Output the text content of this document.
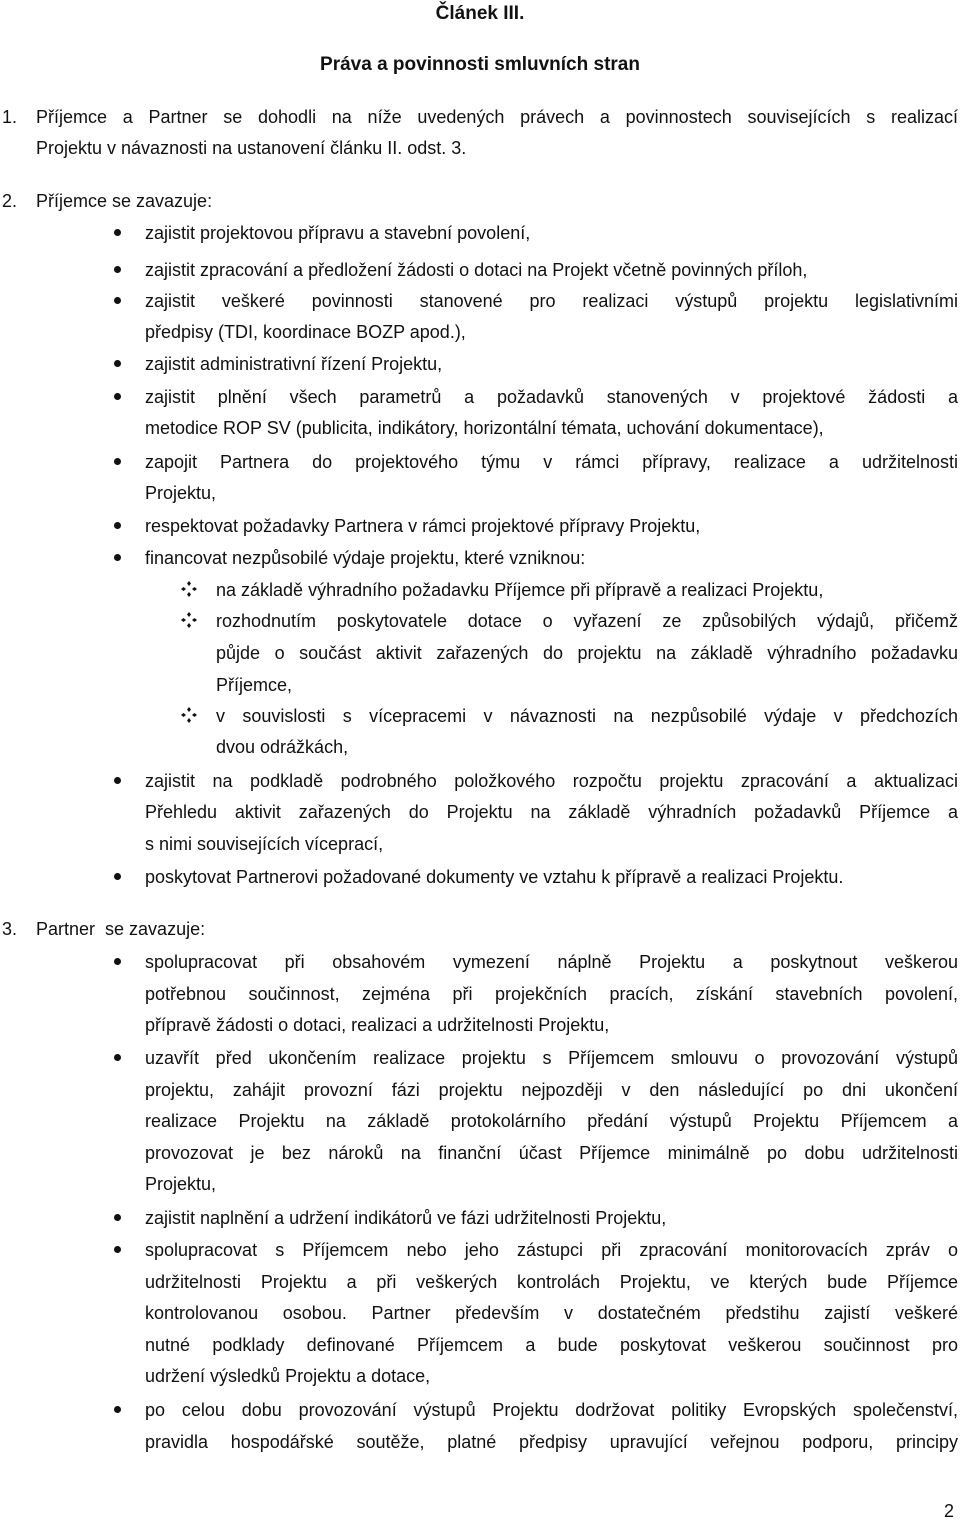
Článek III.
Práva a povinnosti smluvních stran
1. Příjemce a Partner se dohodli na níže uvedených právech a povinnostech souvisejících s realizací
Projektu v návaznosti na ustanovení článku II. odst. 3.
2. Příjemce se zavazuje:
zajistit projektovou přípravu a stavební povolení,
zajistit zpracování a předložení žádosti o dotaci na Projekt včetně povinných příloh,
zajistit veškeré povinnosti stanovené pro realizaci výstupů projektu legislativními
předpisy (TDI, koordinace BOZP apod.),
zajistit administrativní řízení Projektu,
zajistit plnění všech parametrů a požadavků stanovených v projektové žádosti a
metodice ROP SV (publicita, indikátory, horizontální témata, uchování dokumentace),
zapojit Partnera do projektového týmu v rámci přípravy, realizace a udržitelnosti
Projektu,
respektovat požadavky Partnera v rámci projektové přípravy Projektu,
financovat nezpůsobilé výdaje projektu, které vzniknou:
na základě výhradního požadavku Příjemce při přípravě a realizaci Projektu,
rozhodnutím poskytovatele dotace o vyřazení ze způsobilých výdajů, přičemž
půjde o součást aktivit zařazených do projektu na základě výhradního požadavku
Příjemce,
v souvislosti s vícepracemi v návaznosti na nezpůsobilé výdaje v předchozích
dvou odrážkách,
zajistit na podkladě podrobného položkového rozpočtu projektu zpracování a aktualizaci
Přehledu aktivit zařazených do Projektu na základě výhradních požadavků Příjemce a
s nimi souvisejících víceprací,
poskytovat Partnerovi požadované dokumenty ve vztahu k přípravě a realizaci Projektu.
3. Partner  se zavazuje:
spolupracovat při obsahovém vymezení náplně Projektu a poskytnout veškerou
potřebnou součinnost, zejména při projekčních pracích, získání stavebních povolení,
přípravě žádosti o dotaci, realizaci a udržitelnosti Projektu,
uzavřít před ukončením realizace projektu s Příjemcem smlouvu o provozování výstupů
projektu, zahájit provozní fázi projektu nejpozději v den následující po dni ukončení
realizace Projektu na základě protokolárního předání výstupů Projektu Příjemcem a
provozovat je bez nároků na finanční účast Příjemce minimálně po dobu udržitelnosti
Projektu,
zajistit naplnění a udržení indikátorů ve fázi udržitelnosti Projektu,
spolupracovat s Příjemcem nebo jeho zástupci při zpracování monitorovacích zpráv o
udržitelnosti Projektu a při veškerých kontrolách Projektu, ve kterých bude Příjemce
kontrolovanou osobou. Partner především v dostatečném předstihu zajistí veškeré
nutné podklady definované Příjemcem a bude poskytovat veškerou součinnost pro
udržení výsledků Projektu a dotace,
po celou dobu provozování výstupů Projektu dodržovat politiky Evropských společenství,
pravidla hospodářské soutěže, platné předpisy upravující veřejnou podporu, principy
2
